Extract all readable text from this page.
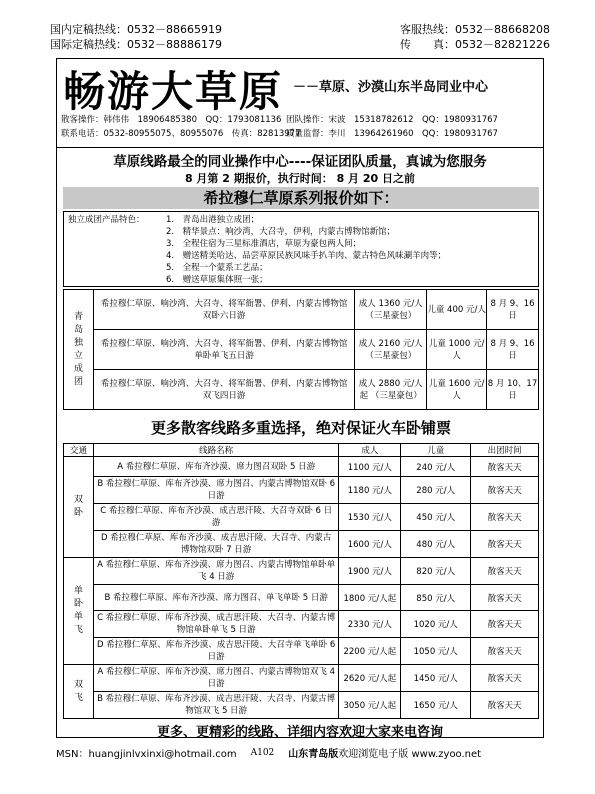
国内定稿热线：0532－88665919	客服热线：0532－88668208
国际定稿热线：0532－88886179	传　　真：0532－82821226
畅游大草原 －－草原、沙漠山东半岛同业中心
散客操作：韩伟伟　18906485380　QQ：1793081136 团队操作：宋波　15318782612　QQ：1980931767
联系电话：0532-80955075、80955076　传真：82813977
质量监督：李川　13964261960　QQ：1980931767
草原线路最全的同业操作中心----保证团队质量，真诚为您服务
8 月第 2 期报价，执行时间： 8 月 20 日之前
希拉穆仁草原系列报价如下：
独立成团产品特色：	1.　青岛出港独立成团；
2.　精华景点：响沙湾，大召寺，伊利，内蒙古博物馆新馆；
3.　全程住宿为三星标准酒店，草原为豪包两人间；
4.　赠送精美哈达、品尝草原民族风味手扒羊肉、蒙古特色风味涮羊肉等；
5.　全程一个蒙系工艺品；
6.　赠送草原集体照一张；
青岛独立成团	希拉穆仁草原、响沙湾、大召寺、将军衙署、伊利、内蒙古博物馆双卧六日游	成人 1360 元/人 （三星豪包）	儿童 400 元/人	8 月 9、16 日
	希拉穆仁草原、响沙湾、大召寺、将军衙署、伊利、内蒙古博物馆单卧单飞五日游	成人 2160 元/人 （三星豪包）	儿童 1000 元/人	8 月 9、16 日
	希拉穆仁草原、响沙湾、大召寺、将军衙署、伊利、内蒙古博物馆双飞四日游	成人 2880 元/人起 （三星豪包）	儿童 1600 元/人	8 月 10、17 日
更多散客线路多重选择，绝对保证火车卧铺票
交通	线路名称	成人	儿童	出团时间

双卧	A 希拉穆仁草原、库布齐沙漠、席力图召双卧 5 日游	1100 元/人	240 元/人	散客天天
	B 希拉穆仁草原、库布齐沙漠、席力图召、内蒙古博物馆双卧 6 日游	1180 元/人	280 元/人	散客天天
	C 希拉穆仁草原、库布齐沙漠、成吉思汗陵、大召寺双卧 6 日游	1530 元/人	450 元/人	散客天天
	D 希拉穆仁草原、库布齐沙漠、成吉思汗陵、大召寺、内蒙古博物馆双卧 7 日游	1600 元/人	480 元/人	散客天天

单卧单飞	A 希拉穆仁草原、库布齐沙漠、席力图召、内蒙古博物馆单卧单飞 4 日游	1900 元/人	820 元/人	散客天天
	B 希拉穆仁草原、库布齐沙漠、席力图召、单飞单卧 5 日游	1800 元/人起	850 元/人	散客天天
	C 希拉穆仁草原、库布齐沙漠、成吉思汗陵、大召寺、内蒙古博物馆单卧单飞 5 日游	2330 元/人	1020 元/人	散客天天
	D 希拉穆仁草原、库布齐沙漠、成吉思汗陵、大召寺单飞单卧 6 日游	2200 元/人起	1050 元/人	散客天天

双飞	A 希拉穆仁草原、库布齐沙漠、席力图召、内蒙古博物馆双飞 4 日游	2620 元/人起	1450 元/人	散客天天
	B 希拉穆仁草原、库布齐沙漠、成吉思汗陵、大召寺、内蒙古博物馆双飞 5 日游	3050 元/人起	1650 元/人	散客天天
更多、更精彩的线路、详细内容欢迎大家来电咨询
MSN：huangjinlvxinxi@hotmail.com A102 山东青岛版 欢迎浏览电子版 www.zyoo.net
